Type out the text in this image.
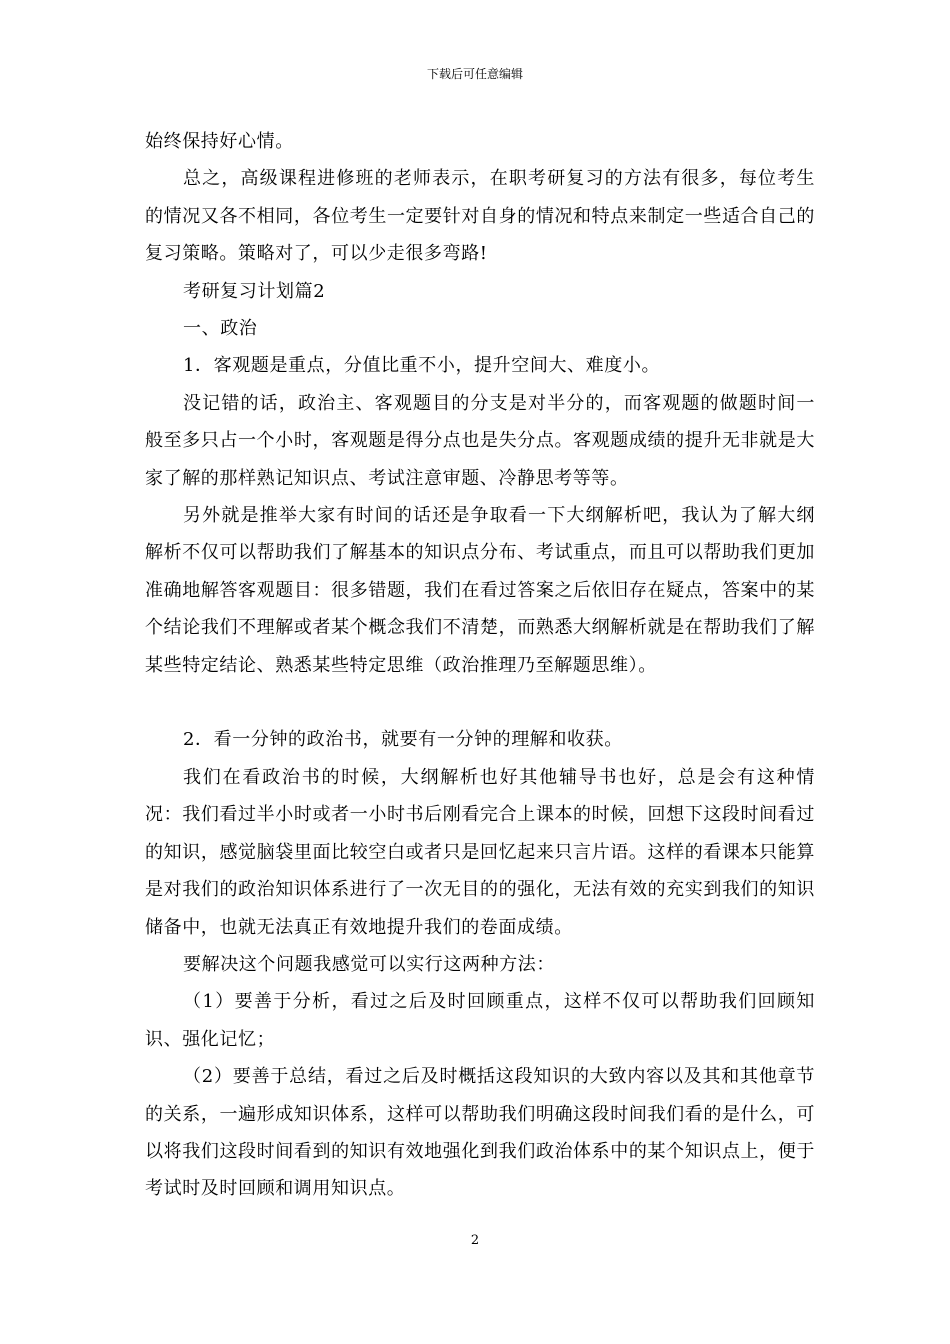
下载后可任意编辑

始终保持好心情。

总之，高级课程进修班的老师表示，在职考研复习的方法有很多，每位考生的情况又各不相同，各位考生一定要针对自身的情况和特点来制定一些适合自己的复习策略。策略对了，可以少走很多弯路!

考研复习计划篇2

一、政治

1．客观题是重点，分值比重不小，提升空间大、难度小。

没记错的话，政治主、客观题目的分支是对半分的，而客观题的做题时间一般至多只占一个小时，客观题是得分点也是失分点。客观题成绩的提升无非就是大家了解的那样熟记知识点、考试注意审题、冷静思考等等。

另外就是推举大家有时间的话还是争取看一下大纲解析吧，我认为了解大纲解析不仅可以帮助我们了解基本的知识点分布、考试重点，而且可以帮助我们更加准确地解答客观题目：很多错题，我们在看过答案之后依旧存在疑点，答案中的某个结论我们不理解或者某个概念我们不清楚，而熟悉大纲解析就是在帮助我们了解某些特定结论、熟悉某些特定思维（政治推理乃至解题思维）。

2．看一分钟的政治书，就要有一分钟的理解和收获。

我们在看政治书的时候，大纲解析也好其他辅导书也好，总是会有这种情况：我们看过半小时或者一小时书后刚看完合上课本的时候，回想下这段时间看过的知识，感觉脑袋里面比较空白或者只是回忆起来只言片语。这样的看课本只能算是对我们的政治知识体系进行了一次无目的的强化，无法有效的充实到我们的知识储备中，也就无法真正有效地提升我们的卷面成绩。

要解决这个问题我感觉可以实行这两种方法：

（1）要善于分析，看过之后及时回顾重点，这样不仅可以帮助我们回顾知识、强化记忆；

（2）要善于总结，看过之后及时概括这段知识的大致内容以及其和其他章节的关系，一遍形成知识体系，这样可以帮助我们明确这段时间我们看的是什么，可以将我们这段时间看到的知识有效地强化到我们政治体系中的某个知识点上，便于考试时及时回顾和调用知识点。

2
